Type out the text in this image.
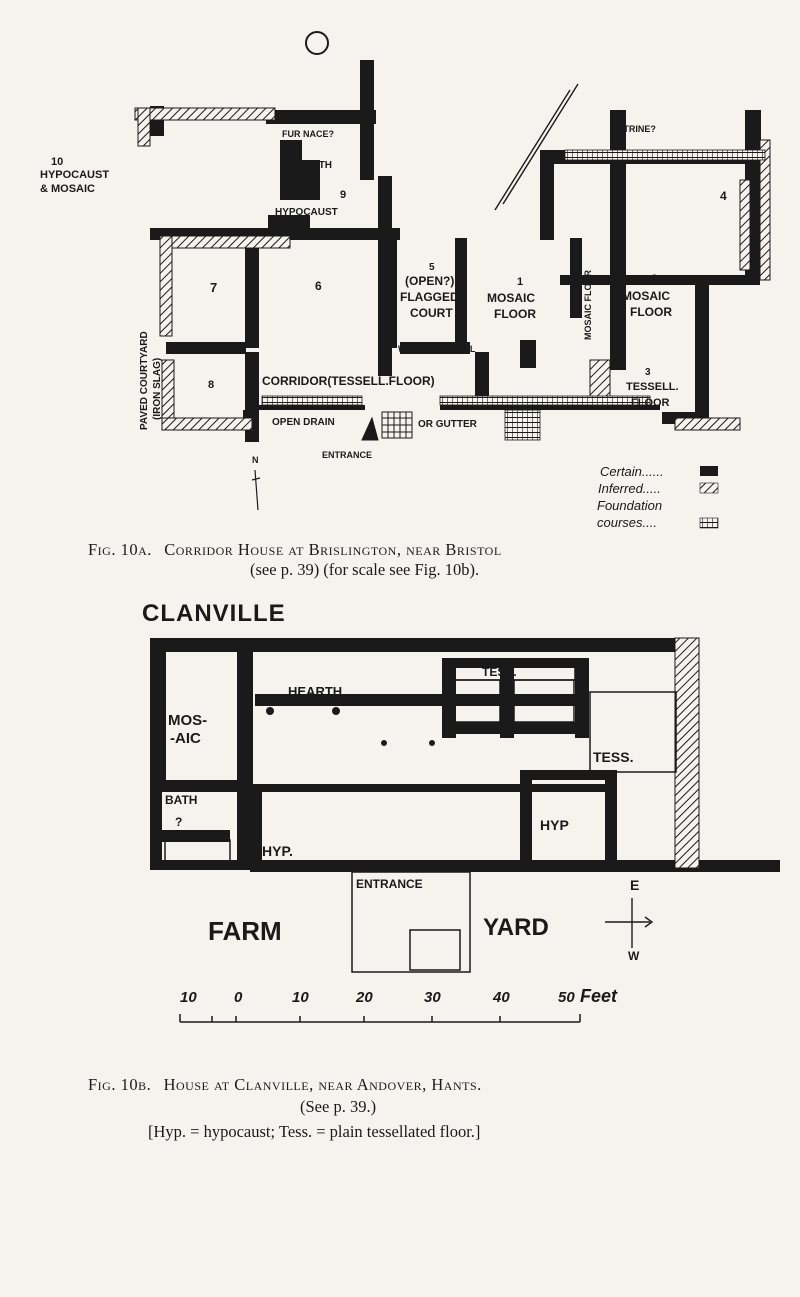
10
HYPOCAUST
& MOSAIC
FUR NACE?
BATH
9
HYPOCAUST
LATRINE?
4
7	6
5
(OPEN?)
FLAGGED
COURT
1
MOSAIC
FLOOR	MOSAIC FLOOR	2
MOSAIC
FLOOR
WALL DOUBTFUL
8	CORRIDOR(TESSELL.FLOOR)
3
TESSELL.
FLOOR
OPEN DRAIN	OR GUTTER
ENTRANCE
PAVED COURTYARD (IRON SLAG)
N
Certain......
Inferred.....
Foundation
courses....
Fig. 10a. Corridor House at Brislington, near Bristol
(see p. 39) (for scale see Fig. 10b).
CLANVILLE
TESS.
HEARTH
TESS. TESS.
TESS.
MOS-
-AIC
BATH
?
HYP.
HYP
ENTRANCE
FARM	YARD
E
W
10 0	10	20	30	40	50 Feet
Fig. 10b. House at Clanville, near Andover, Hants.
(See p. 39.)
[Hyp. = hypocaust; Tess. = plain tessellated floor.]
